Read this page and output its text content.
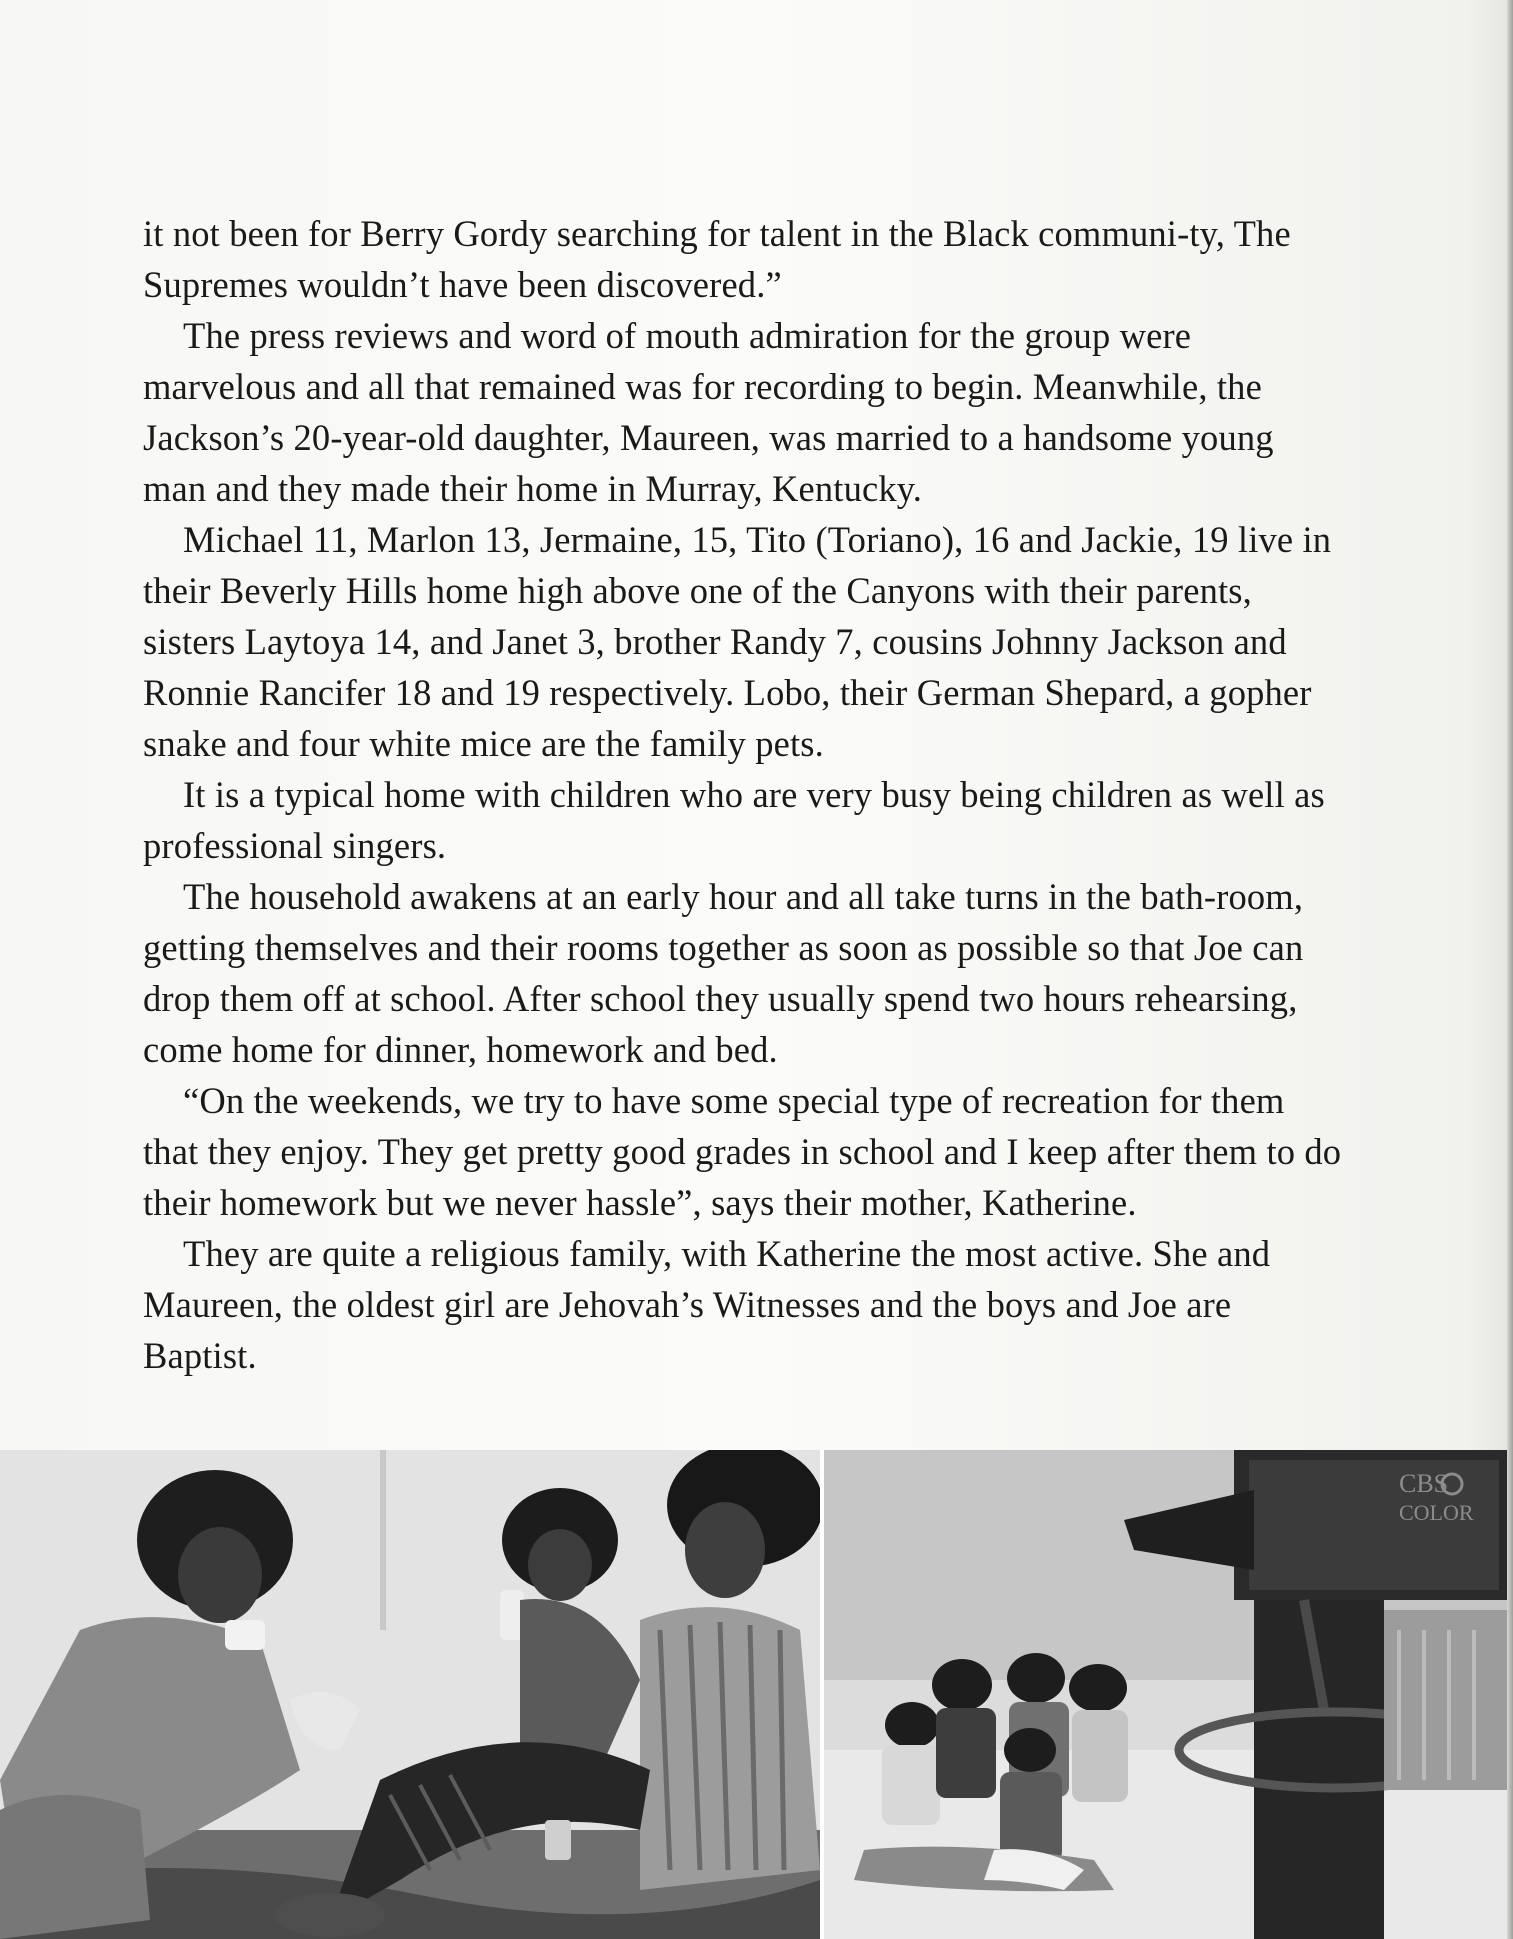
it not been for Berry Gordy searching for talent in the Black communi-ty, The Supremes wouldn’t have been discovered.”

The press reviews and word of mouth admiration for the group were marvelous and all that remained was for recording to begin. Meanwhile, the Jackson’s 20-year-old daughter, Maureen, was married to a handsome young man and they made their home in Murray, Kentucky.

Michael 11, Marlon 13, Jermaine, 15, Tito (Toriano), 16 and Jackie, 19 live in their Beverly Hills home high above one of the Canyons with their parents, sisters Laytoya 14, and Janet 3, brother Randy 7, cousins Johnny Jackson and Ronnie Rancifer 18 and 19 respectively. Lobo, their German Shepard, a gopher snake and four white mice are the family pets.

It is a typical home with children who are very busy being children as well as professional singers.

The household awakens at an early hour and all take turns in the bath-room, getting themselves and their rooms together as soon as possible so that Joe can drop them off at school. After school they usually spend two hours rehearsing, come home for dinner, homework and bed.

“On the weekends, we try to have some special type of recreation for them that they enjoy. They get pretty good grades in school and I keep after them to do their homework but we never hassle”, says their mother, Katherine.

They are quite a religious family, with Katherine the most active. She and Maureen, the oldest girl are Jehovah’s Witnesses and the boys and Joe are Baptist.

CBS
COLOR
